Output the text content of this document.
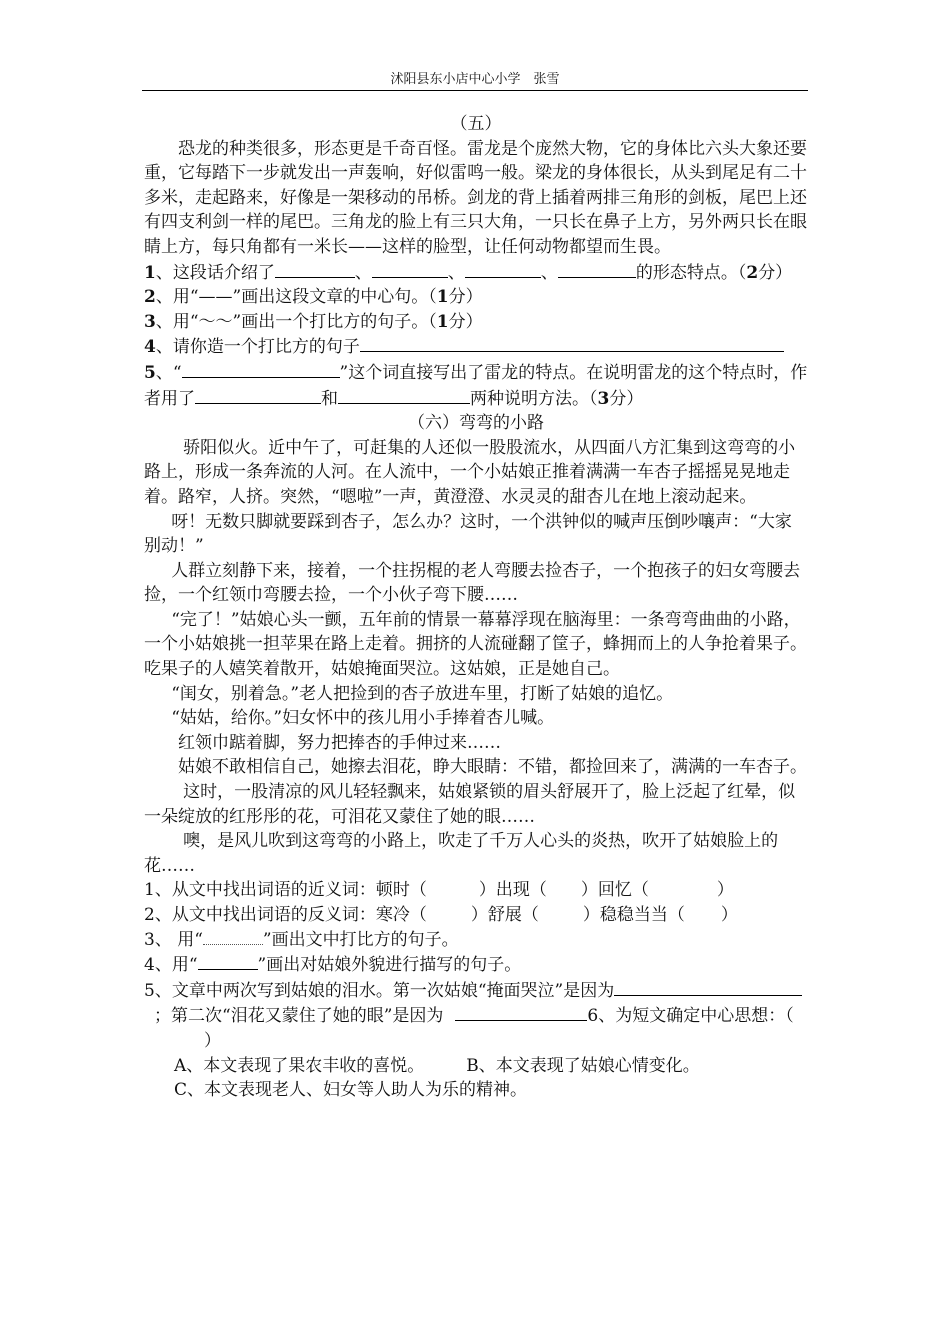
沭阳县东小店中心小学　张雪

（五）

恐龙的种类很多，形态更是千奇百怪。雷龙是个庞然大物，它的身体比六头大象还要重，它每踏下一步就发出一声轰响，好似雷鸣一般。梁龙的身体很长，从头到尾足有二十多米，走起路来，好像是一架移动的吊桥。剑龙的背上插着两排三角形的剑板，尾巴上还有四支利剑一样的尾巴。三角龙的脸上有三只大角，一只长在鼻子上方，另外两只长在眼睛上方，每只角都有一米长——这样的脸型，让任何动物都望而生畏。

1、这段话介绍了	、	、	、	的形态特点。（2分）

2、用“——”画出这段文章的中心句。（1分）

3、用“～～”画出一个打比方的句子。（1分）

4、请你造一个打比方的句子

5、“	”这个词直接写出了雷龙的特点。在说明雷龙的这个特点时，作者用了	和	两种说明方法。（3分）

（六）弯弯的小路

骄阳似火。近中午了，可赶集的人还似一股股流水，从四面八方汇集到这弯弯的小路上，形成一条奔流的人河。在人流中，一个小姑娘正推着满满一车杏子摇摇晃晃地走着。路窄，人挤。突然，“嗯啦”一声，黄澄澄、水灵灵的甜杏儿在地上滚动起来。

呀！无数只脚就要踩到杏子，怎么办？这时，一个洪钟似的喊声压倒吵嚷声：“大家别动！”

人群立刻静下来，接着，一个拄拐棍的老人弯腰去捡杏子，一个抱孩子的妇女弯腰去捡，一个红领巾弯腰去捡，一个小伙子弯下腰……

“完了！”姑娘心头一颤，五年前的情景一幕幕浮现在脑海里：一条弯弯曲曲的小路，一个小姑娘挑一担苹果在路上走着。拥挤的人流碰翻了筐子，蜂拥而上的人争抢着果子。吃果子的人嬉笑着散开，姑娘掩面哭泣。这姑娘，正是她自己。

“闺女，别着急。”老人把捡到的杏子放进车里，打断了姑娘的追忆。

“姑姑，给你。”妇女怀中的孩儿用小手捧着杏儿喊。

红领巾踮着脚，努力把捧杏的手伸过来……

姑娘不敢相信自己，她擦去泪花，睁大眼睛：不错，都捡回来了，满满的一车杏子。

这时，一股清凉的风儿轻轻飘来，姑娘紧锁的眉头舒展开了，脸上泛起了红晕，似一朵绽放的红彤彤的花，可泪花又蒙住了她的眼……

噢，是风儿吹到这弯弯的小路上，吹走了千万人心头的炎热，吹开了姑娘脸上的花……

1、从文中找出词语的近义词：顿时（	）出现（ ）回忆（	）

2、从文中找出词语的反义词：寒冷（	）舒展（	）稳稳当当（ ）

3、 用“	”画出文中打比方的句子。

4、用“	”画出对姑娘外貌进行描写的句子。

5、文章中两次写到姑娘的泪水。第一次姑娘“掩面哭泣”是因为；第二次“泪花又蒙住了她的眼”是因为	6、为短文确定中心思想：（）

A、本文表现了果农丰收的喜悦。 B、本文表现了姑娘心情变化。

C、本文表现老人、妇女等人助人为乐的精神。
